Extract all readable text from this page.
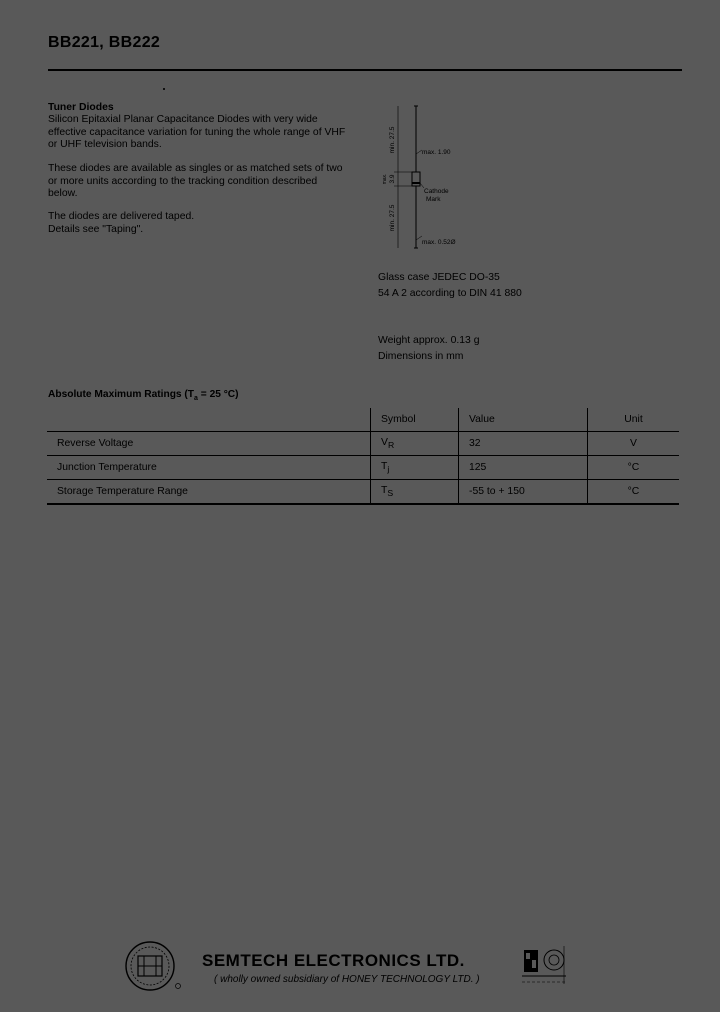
BB221, BB222
Tuner Diodes
Silicon Epitaxial Planar Capacitance Diodes with very wide effective capacitance variation for tuning the whole range of VHF or UHF television bands.
These diodes are available as singles or as matched sets of two or more units according to the tracking condition described below.
The diodes are delivered taped.
Details see "Taping".
min. 27.5
max. 3.9
min. 27.5
max. 1.90
Cathode
Mark
max. 0.52Ø
Glass case JEDEC DO-35
54 A 2 according to DIN 41 880
Weight approx. 0.13 g
Dimensions in mm
Absolute Maximum Ratings ($T_a = 25$ °C)
	Symbol	Value	Unit
Reverse Voltage	$V_R$	32	V
Junction Temperature	$T_j$	125	°C
Storage Temperature Range	$T_S$	-55 to + 150	°C
SEMTECH ELECTRONICS LTD.
( wholly owned subsidiary of HONEY TECHNOLOGY LTD. )
